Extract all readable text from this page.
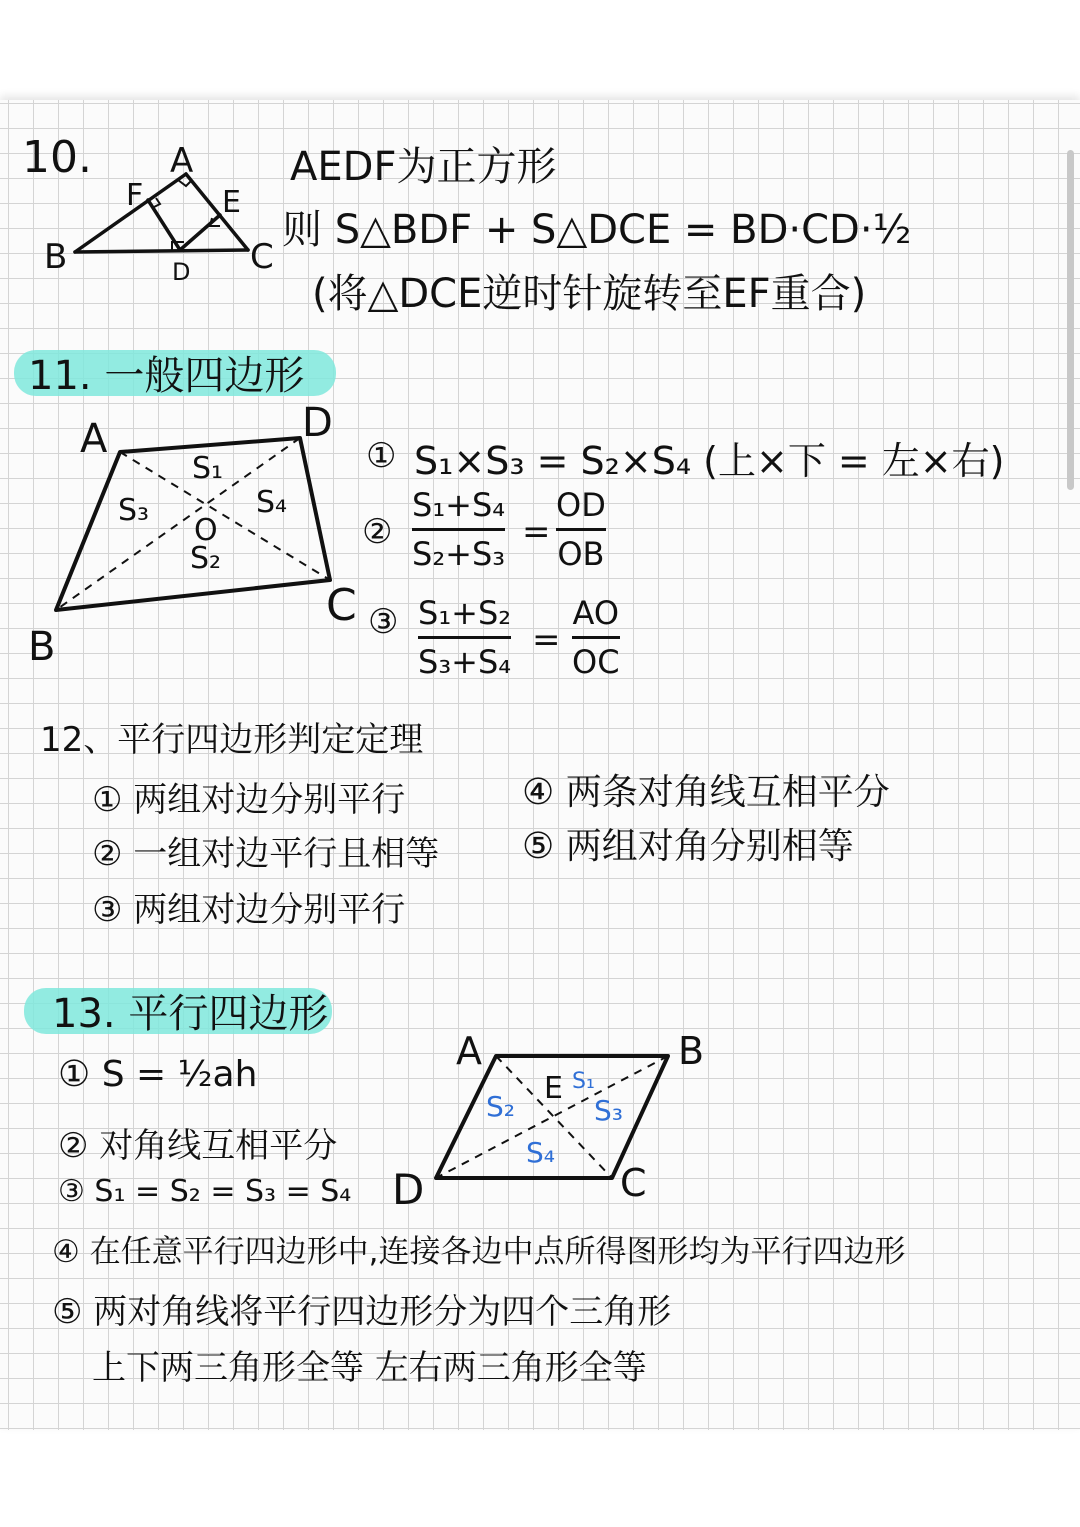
10. A
F	E
B	C
D
AEDF为正方形
则 S△BDF + S△DCE = BD·CD·½
(将△DCE逆时针旋转至EF重合)
11. 一般四边形
A	D
B
C
O
S₁
S₂
S₃	S₄
① S₁×S₃ = S₂×S₄ (上×下 = 左×右)
②
S₁+S₄
S₂+S₃
=
OD
OB
③ S₁+S₂
S₃+S₄
=
AO
OC
12、平行四边形判定定理
① 两组对边分别平行
② 一组对边平行且相等
③ 两组对边分别平行
④ 两条对角线互相平分
⑤ 两组对角分别相等
13. 平行四边形
① S = ½ah
② 对角线互相平分
③ S₁ = S₂ = S₃ = S₄
A	B
C
D
E S₁
S₂	S₃
S₄
④ 在任意平行四边形中,连接各边中点所得图形均为平行四边形
⑤ 两对角线将平行四边形分为四个三角形
上下两三角形全等 左右两三角形全等
